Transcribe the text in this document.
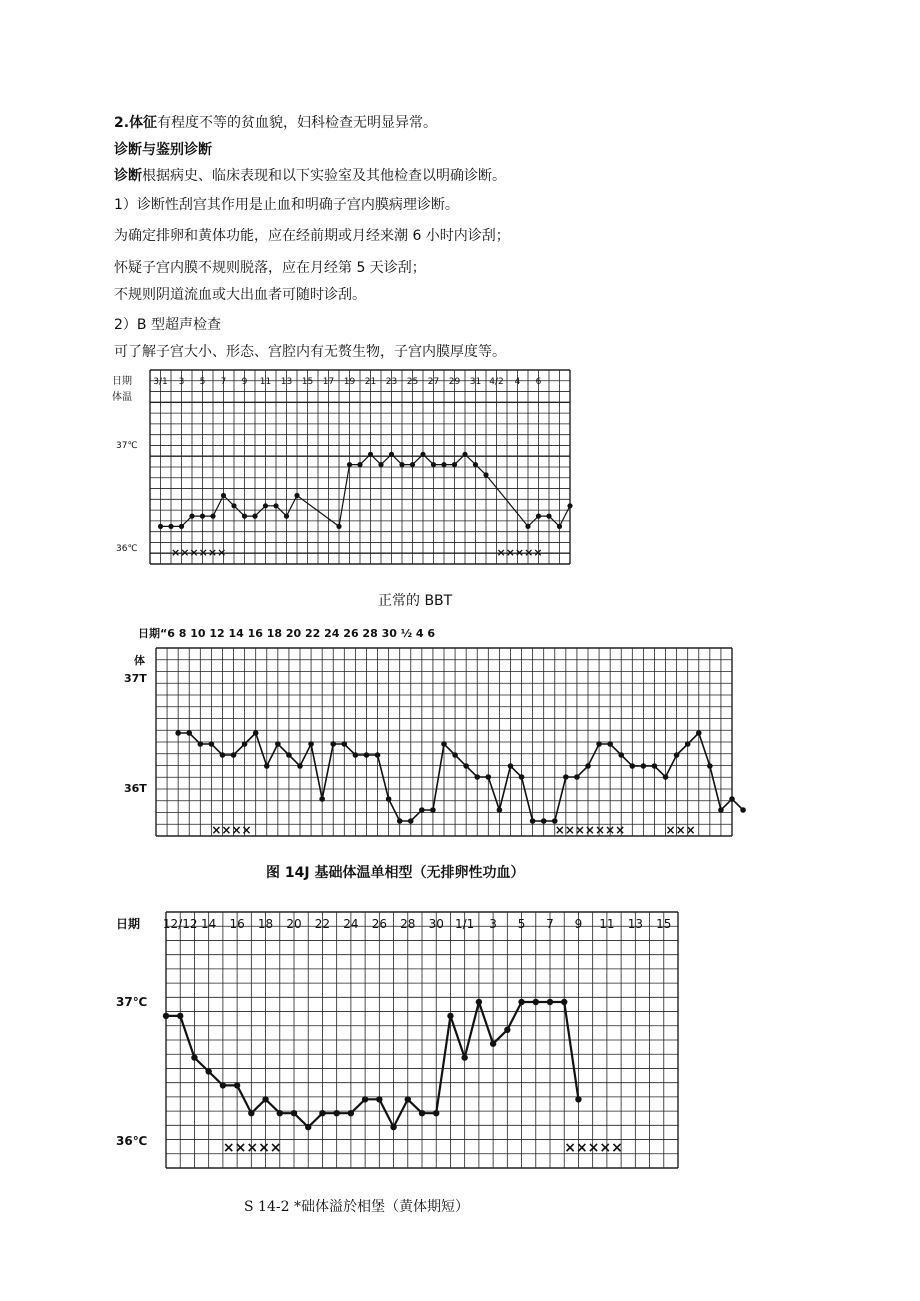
2.体征有程度不等的贫血貌，妇科检查无明显异常。
诊断与鉴别诊断
诊断根据病史、临床表现和以下实验室及其他检查以明确诊断。
1）诊断性刮宫其作用是止血和明确子宫内膜病理诊断。
为确定排卵和黄体功能，应在经前期或月经来潮 6 小时内诊刮；
怀疑子宫内膜不规则脱落，应在月经第 5 天诊刮；
不规则阴道流血或大出血者可随时诊刮。
2）B 型超声检查
可了解子宫大小、形态、宫腔内有无赘生物，子宫内膜厚度等。
日期
体温
3/1 3 5 7 9 11 13 15 17 19 21 23 25 27 29 31 4/2 4 6
37℃
36℃	××××××	×××××
正常的 BBT
日期“6 8 10 12 14 16 18 20 22 24 26 28 30 ½ 4 6
体
37T
36T
××××	×××××××	×××
图 14J 基础体温单相型（无排卵性功血）
日期 12/12 14 16 18 20 22 24 26 28 30 1/1 3 5 7 9 11 13 15
37℃
36℃	×××××	×××××
S 14-2 *础体溢於相堡（黄体期短）
